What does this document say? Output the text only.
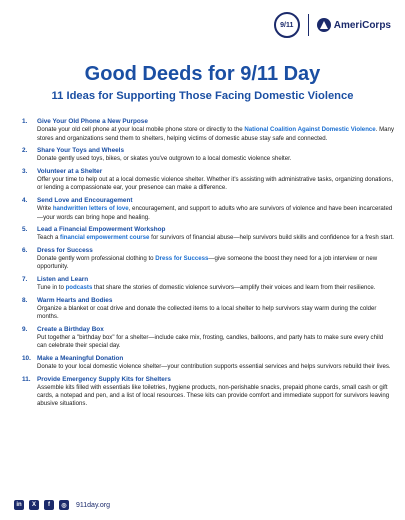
9/11	AmeriCorps
Good Deeds for 9/11 Day
11 Ideas for Supporting Those Facing Domestic Violence
1.	Give Your Old Phone a New Purpose

Donate your old cell phone at your local mobile phone store or directly to the National Coalition Against Domestic Violence. Many stores and organizations send them to shelters, helping victims of domestic abuse stay safe and connected.

2.	Share Your Toys and Wheels

Donate gently used toys, bikes, or skates you've outgrown to a local domestic violence shelter.

3.	Volunteer at a Shelter

Offer your time to help out at a local domestic violence shelter. Whether it's assisting with administrative tasks, organizing donations, or lending a compassionate ear, your presence can make a difference.

4.	Send Love and Encouragement

Write handwritten letters of love, encouragement, and support to adults who are survivors of violence and have been incarcerated—your words can bring hope and healing.

5.	Lead a Financial Empowerment Workshop

Teach a financial empowerment course for survivors of financial abuse—help survivors build skills and confidence for a fresh start.

6.	Dress for Success

Donate gently worn professional clothing to Dress for Success—give someone the boost they need for a job interview or new opportunity.

7.	Listen and Learn

Tune in to podcasts that share the stories of domestic violence survivors—amplify their voices and learn from their resilience.

8.	Warm Hearts and Bodies

Organize a blanket or coat drive and donate the collected items to a local shelter to help survivors stay warm during the colder months.

9.	Create a Birthday Box

Put together a "birthday box" for a shelter—include cake mix, frosting, candles, balloons, and party hats to make sure every child can celebrate their special day.

10. Make a Meaningful Donation

Donate to your local domestic violence shelter—your contribution supports essential services and helps survivors rebuild their lives.

11.	Provide Emergency Supply Kits for Shelters

Assemble kits filled with essentials like toiletries, hygiene products, non-perishable snacks, prepaid phone cards, small cash or gift cards, a notepad and pen, and a list of local resources. These kits can provide comfort and immediate support for survivors leaving abusive situations.

in	X	f	◎	911day.org
